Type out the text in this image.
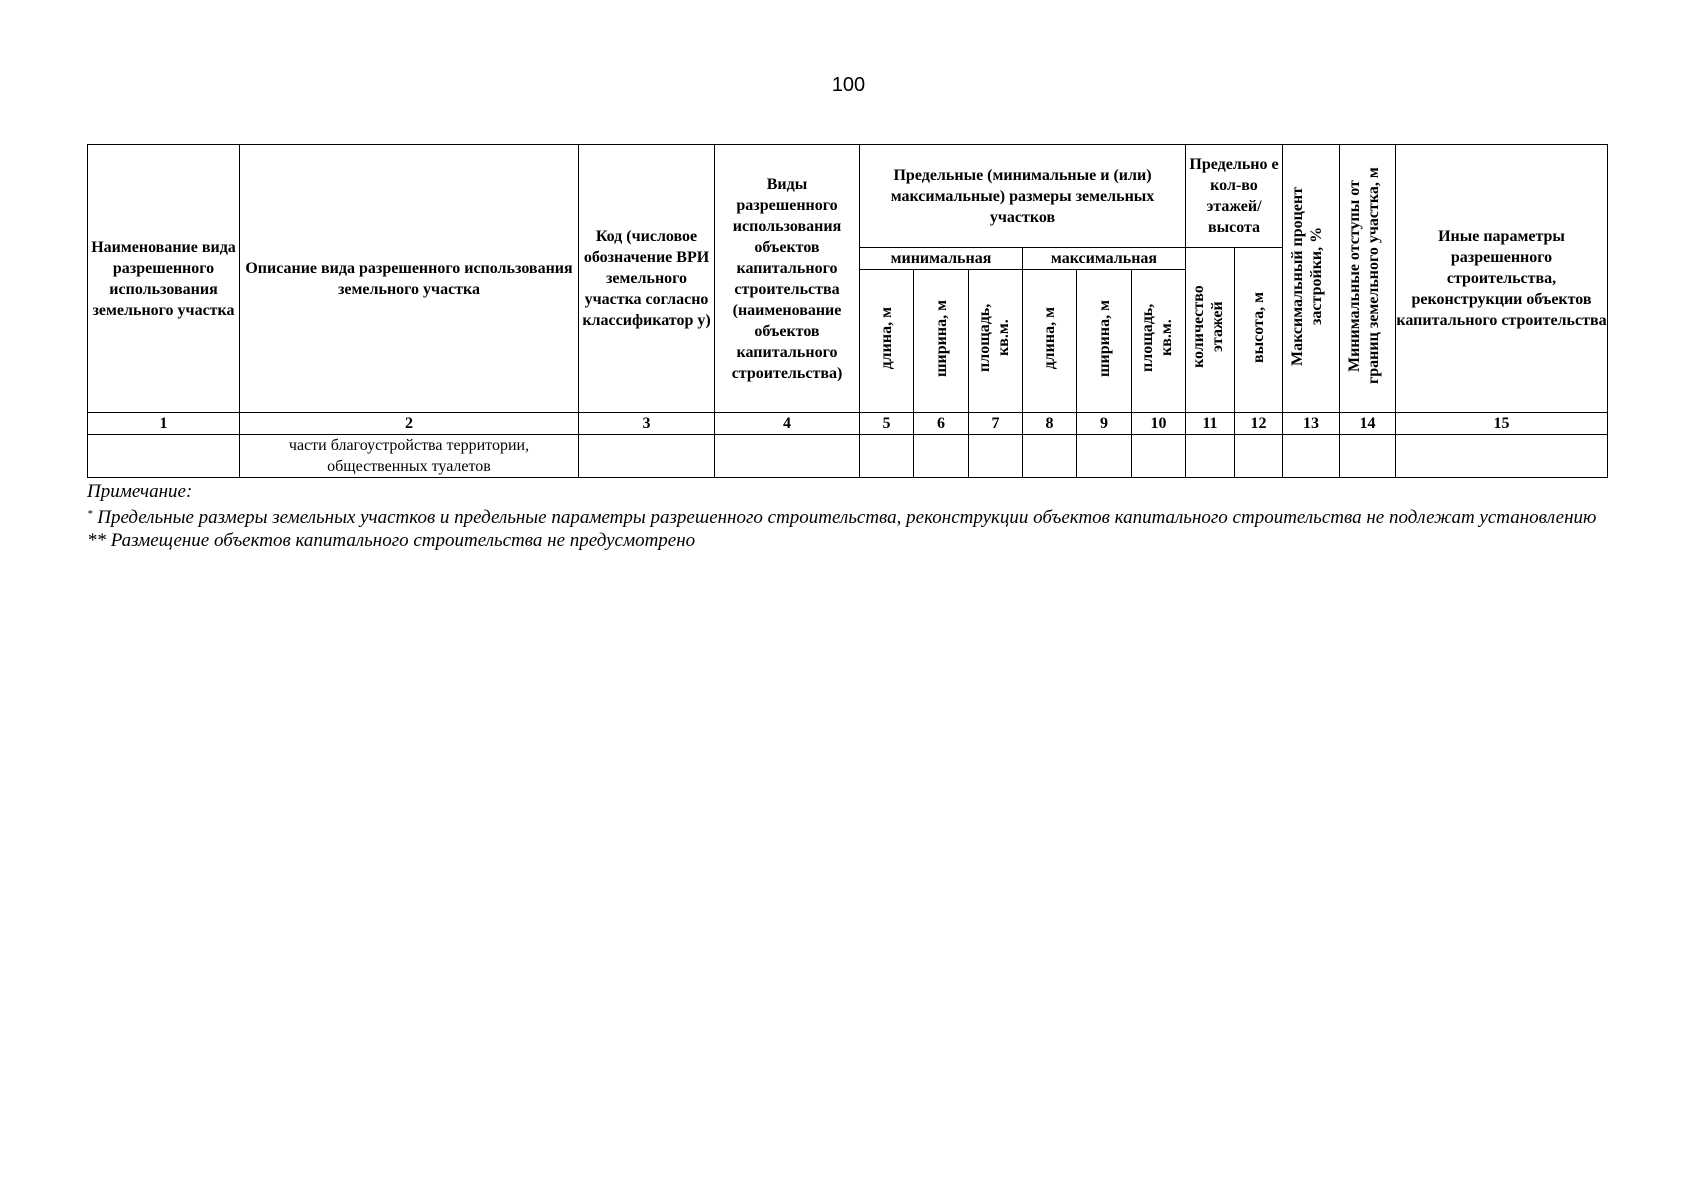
100
Наименование вида разрешенного использования земельного участка	Описание вида разрешенного использования земельного участка	Код (числовое обозначение ВРИ земельного участка согласно классификатор у)	Виды разрешенного использования объектов капитального строительства (наименование объектов капитального строительства)	Предельные (минимальные и (или) максимальные) размеры земельных участков						Предельно е кол-во этажей/ высота		Максимальный процент застройки, %	Минимальные отступы от границ земельного участка, м	Иные параметры разрешенного строительства, реконструкции объектов капитального строительства
				минимальная			максимальная			количество этажей	высота, м			
				длина, м	ширина, м	площадь, кв.м.	длина, м	ширина, м	площадь, кв.м.					
1	2	3	4	5	6	7	8	9	10	11	12	13	14	15
	части благоустройства территории, общественных туалетов													

Примечание:

* Предельные размеры земельных участков и предельные параметры разрешенного строительства, реконструкции объектов капитального строительства не подлежат установлению

** Размещение объектов капитального строительства не предусмотрено
